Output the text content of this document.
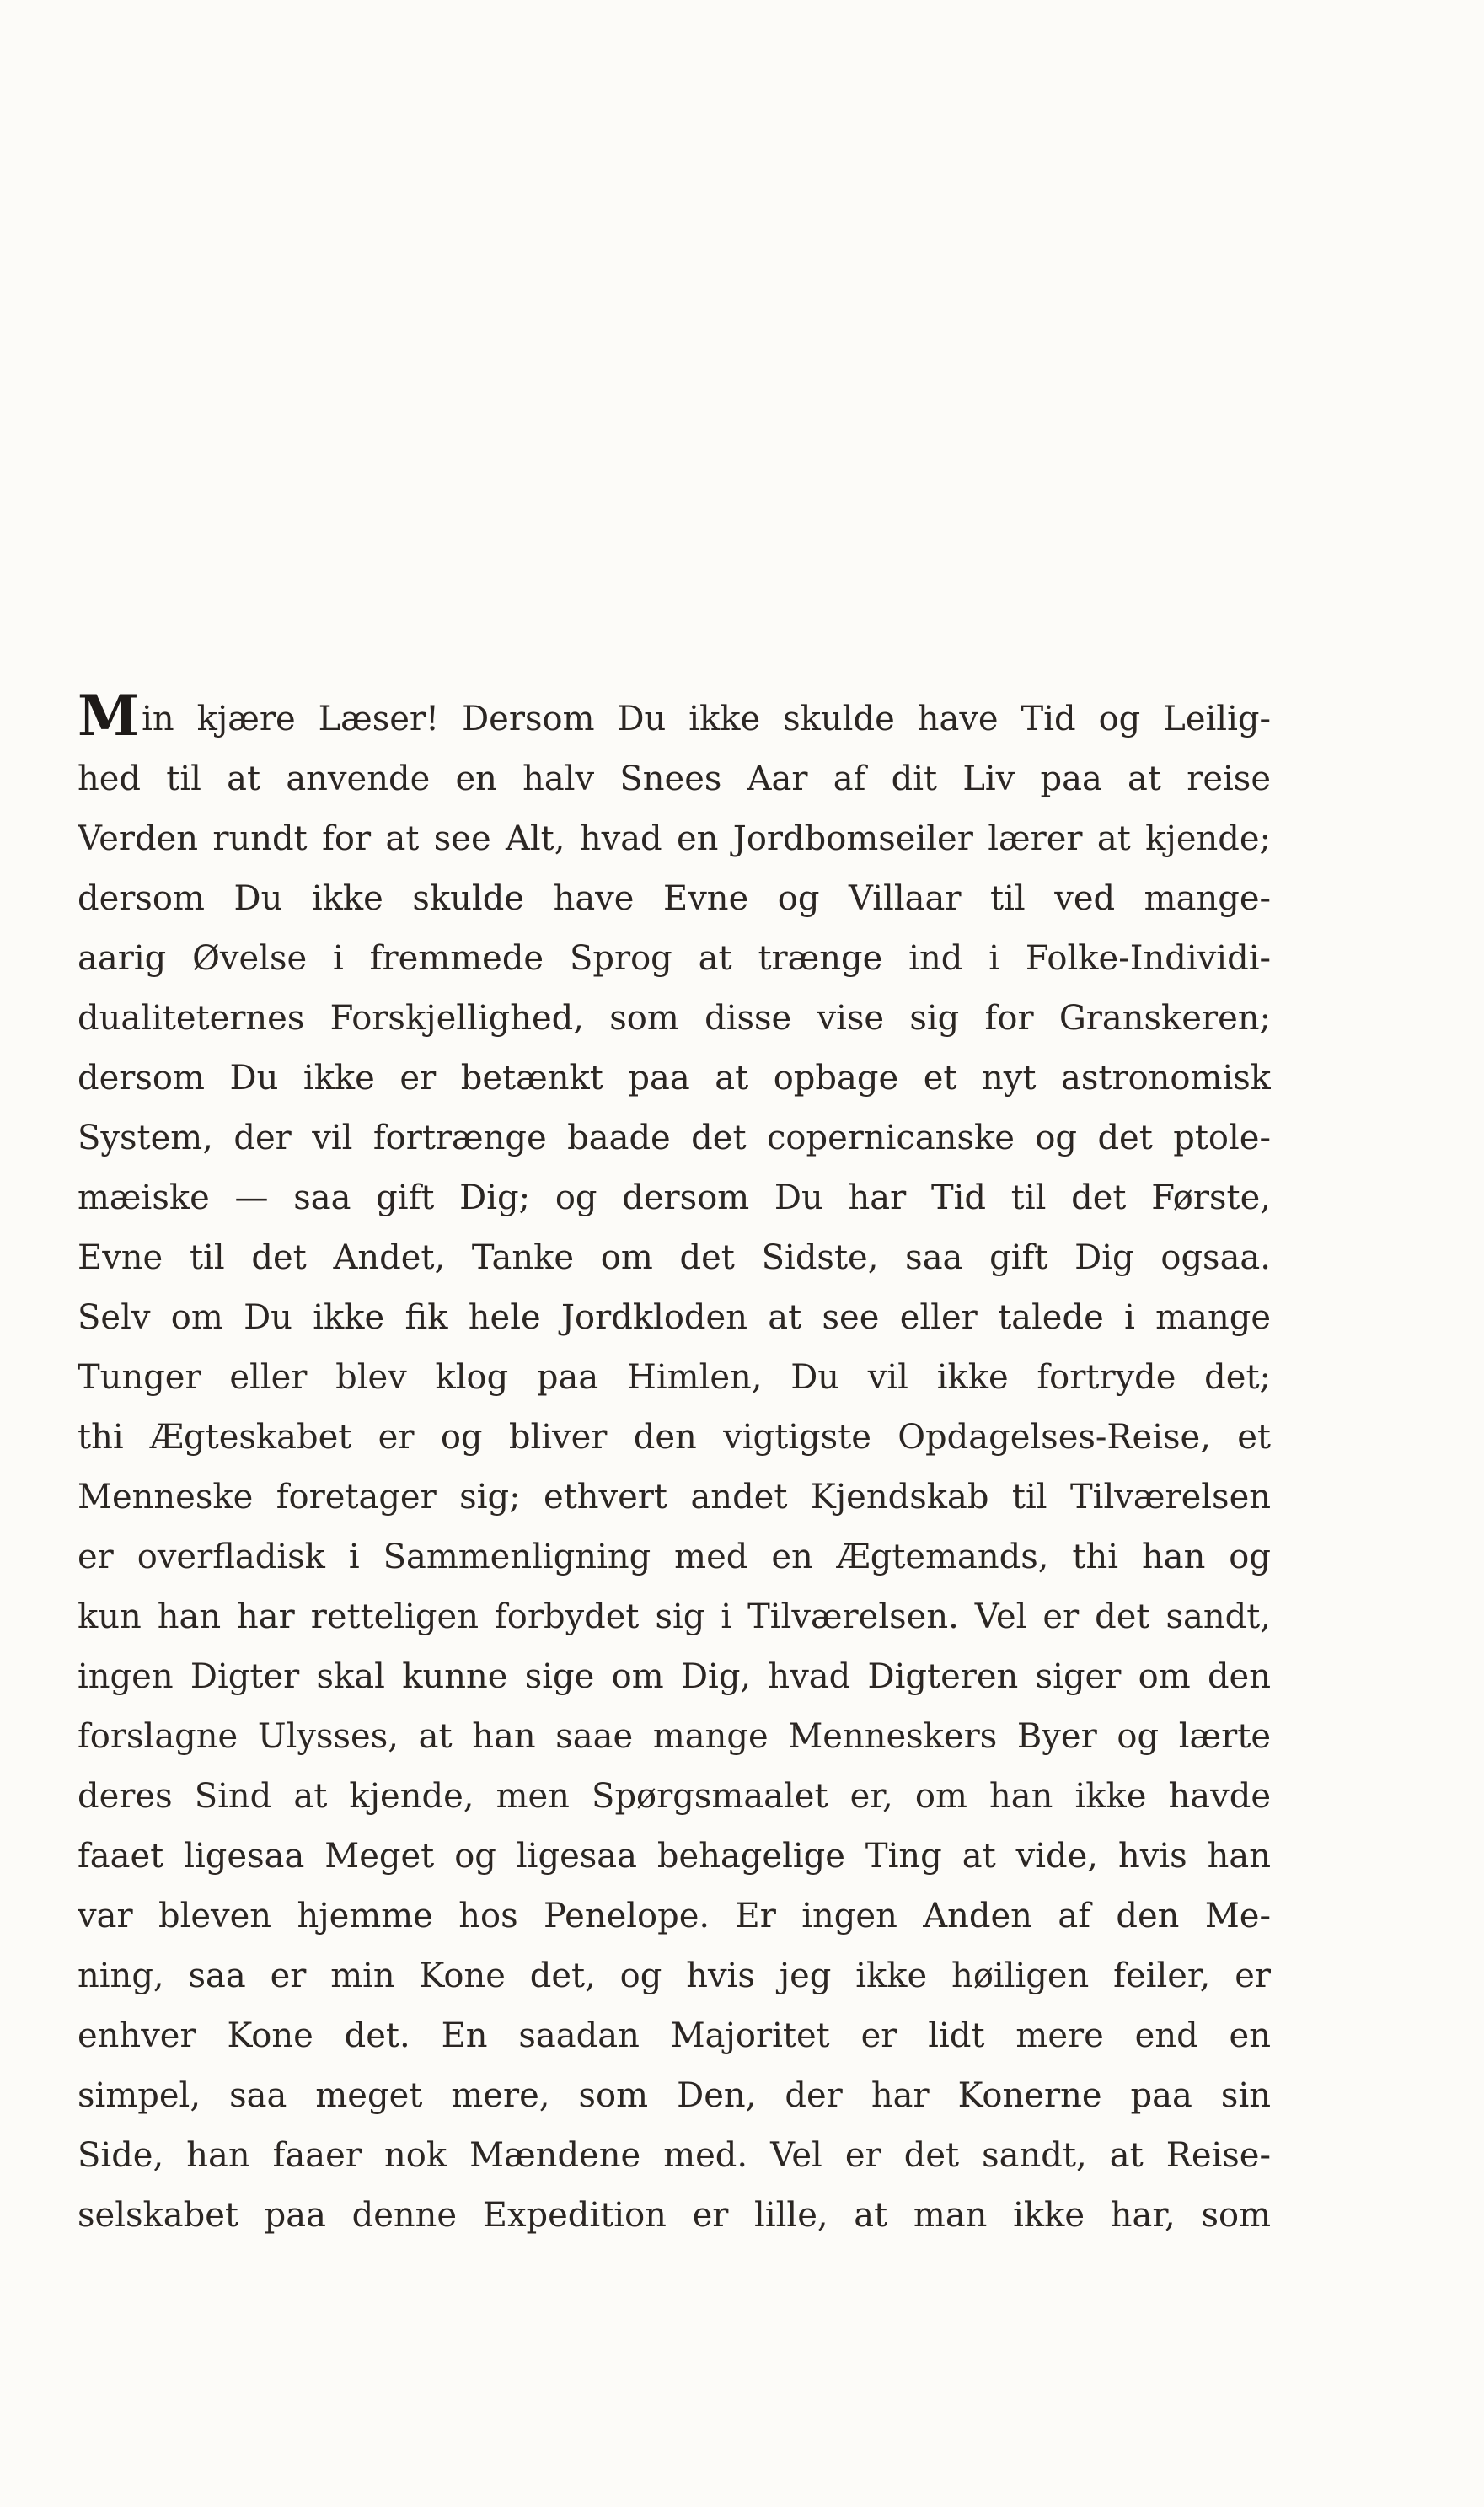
Min kjære Læser! Dersom Du ikke skulde have Tid og Leilig-
hed til at anvende en halv Snees Aar af dit Liv paa at reise
Verden rundt for at see Alt, hvad en Jordbomseiler lærer at kjende;
dersom Du ikke skulde have Evne og Villaar til ved mange-
aarig Øvelse i fremmede Sprog at trænge ind i Folke-Individi-
dualiteternes Forskjellighed, som disse vise sig for Granskeren;
dersom Du ikke er betænkt paa at opbage et nyt astronomisk
System, der vil fortrænge baade det copernicanske og det ptole-
mæiske — saa gift Dig; og dersom Du har Tid til det Første,
Evne til det Andet, Tanke om det Sidste, saa gift Dig ogsaa.
Selv om Du ikke fik hele Jordkloden at see eller talede i mange
Tunger eller blev klog paa Himlen, Du vil ikke fortryde det;
thi Ægteskabet er og bliver den vigtigste Opdagelses-Reise, et
Menneske foretager sig; ethvert andet Kjendskab til Tilværelsen
er overfladisk i Sammenligning med en Ægtemands, thi han og
kun han har retteligen forbydet sig i Tilværelsen. Vel er det sandt,
ingen Digter skal kunne sige om Dig, hvad Digteren siger om den
forslagne Ulysses, at han saae mange Menneskers Byer og lærte
deres Sind at kjende, men Spørgsmaalet er, om han ikke havde
faaet ligesaa Meget og ligesaa behagelige Ting at vide, hvis han
var bleven hjemme hos Penelope. Er ingen Anden af den Me-
ning, saa er min Kone det, og hvis jeg ikke høiligen feiler, er
enhver Kone det. En saadan Majoritet er lidt mere end en
simpel, saa meget mere, som Den, der har Konerne paa sin
Side, han faaer nok Mændene med. Vel er det sandt, at Reise-
selskabet paa denne Expedition er lille, at man ikke har, som
